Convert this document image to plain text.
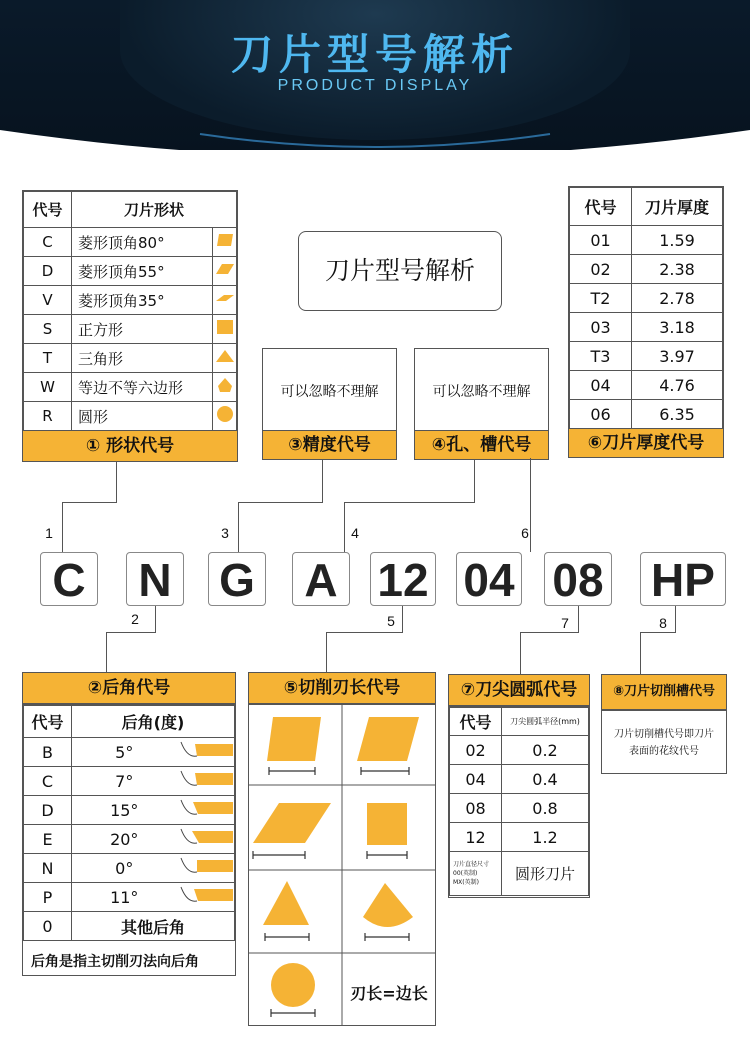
刀片型号解析
PRODUCT DISPLAY
代号	刀片形状	
C	菱形顶角80°	
D	菱形顶角55°	
V	菱形顶角35°	
S	正方形	
T	三角形	
W	等边不等六边形	
R	圆形	
① 形状代号
刀片型号解析
可以忽略不理解
③精度代号
可以忽略不理解
④孔、槽代号
代号	刀片厚度
01	1.59
02	2.38
T2	2.78
03	3.18
T3	3.97
04	4.76
06	6.35
⑥刀片厚度代号
1	3	4	6
C N G A 12 04 08 HP
2	5	7	8
②后角代号
代号	后角(度)	
B	5°	
C	7°	
D	15°	
E	20°	
N	0°	
P	11°	
0	其他后角	
后角是指主切削刃法向后角
⑤切削刃长代号
刃长=边长
⑦刀尖圆弧代号
代号	刀尖圆弧半径(mm)
02	0.2
04	0.4
08	0.8
12	1.2

刀片直径尺寸
00(英制)
MX(英制)	圆形刀片
⑧刀片切削槽代号
刀片切削槽代号即刀片表面的花纹代号
